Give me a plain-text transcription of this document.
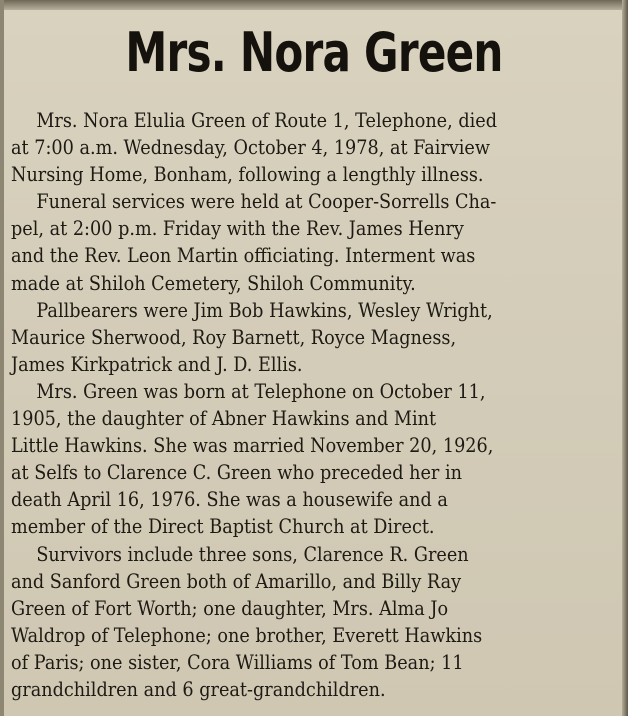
Mrs. Nora Green
Mrs. Nora Elulia Green of Route 1, Telephone, died
at 7:00 a.m. Wednesday, October 4, 1978, at Fairview
Nursing Home, Bonham, following a lengthly illness.
Funeral services were held at Cooper-Sorrells Cha-
pel, at 2:00 p.m. Friday with the Rev. James Henry
and the Rev. Leon Martin officiating. Interment was
made at Shiloh Cemetery, Shiloh Community.
Pallbearers were Jim Bob Hawkins, Wesley Wright,
Maurice Sherwood, Roy Barnett, Royce Magness,
James Kirkpatrick and J. D. Ellis.
Mrs. Green was born at Telephone on October 11,
1905, the daughter of Abner Hawkins and Mint
Little Hawkins. She was married November 20, 1926,
at Selfs to Clarence C. Green who preceded her in
death April 16, 1976. She was a housewife and a
member of the Direct Baptist Church at Direct.
Survivors include three sons, Clarence R. Green
and Sanford Green both of Amarillo, and Billy Ray
Green of Fort Worth; one daughter, Mrs. Alma Jo
Waldrop of Telephone; one brother, Everett Hawkins
of Paris; one sister, Cora Williams of Tom Bean; 11
grandchildren and 6 great-grandchildren.
